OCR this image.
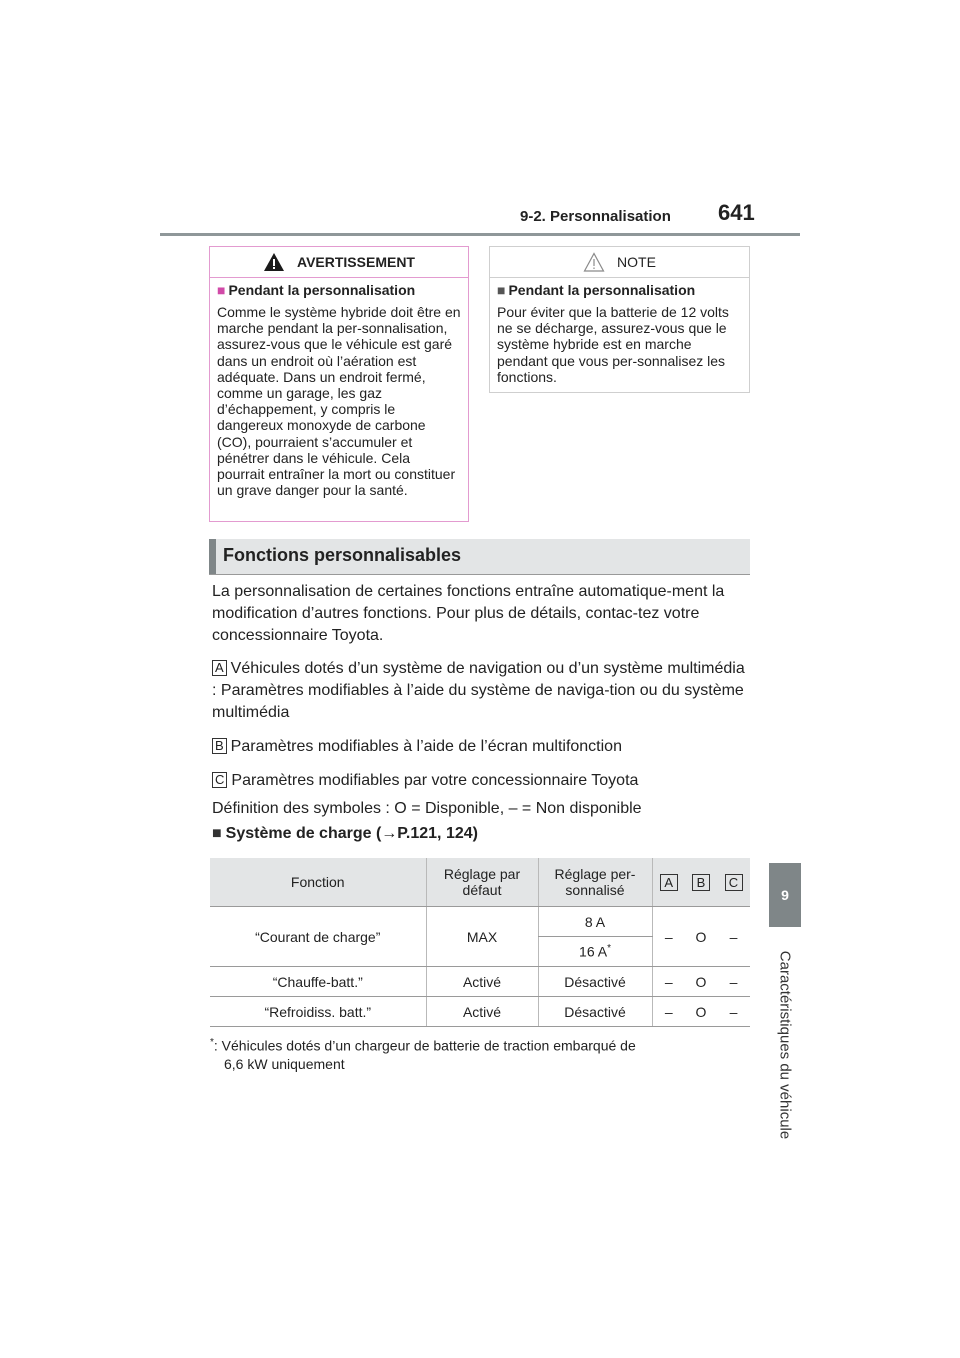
9-2. Personnalisation 641
9
Caractéristiques du véhicule
AVERTISSEMENT
■ Pendant la personnalisation
Comme le système hybride doit être en marche pendant la per-sonnalisation, assurez-vous que le véhicule est garé dans un endroit où l’aération est adéquate. Dans un endroit fermé, comme un garage, les gaz d’échappement, y compris le dangereux monoxyde de carbone (CO), pourraient s’accumuler et pénétrer dans le véhicule. Cela pourrait entraîner la mort ou constituer un grave danger pour la santé.
NOTE
■ Pendant la personnalisation
Pour éviter que la batterie de 12 volts ne se décharge, assurez-vous que le système hybride est en marche pendant que vous per-sonnalisez les fonctions.
Fonctions personnalisables
La personnalisation de certaines fonctions entraîne automatique-ment la modification d’autres fonctions. Pour plus de détails, contac-tez votre concessionnaire Toyota.
A Véhicules dotés d’un système de navigation ou d’un système multimédia : Paramètres modifiables à l’aide du système de naviga-tion ou du système multimédia
B Paramètres modifiables à l’aide de l’écran multifonction
C Paramètres modifiables par votre concessionnaire Toyota
Définition des symboles : O = Disponible, – = Non disponible
■ Système de charge (→P.121, 124)
Fonction	Réglage par défaut	Réglage per-sonnalisé	A	B	C
“Courant de charge”	MAX	8 A	–	O	–
		16 A*
“Chauffe-batt.”	Activé	Désactivé	–	O	–
“Refroidiss. batt.”	Activé	Désactivé	–	O	–
*: Véhicules dotés d’un chargeur de batterie de traction embarqué de
6,6 kW uniquement
